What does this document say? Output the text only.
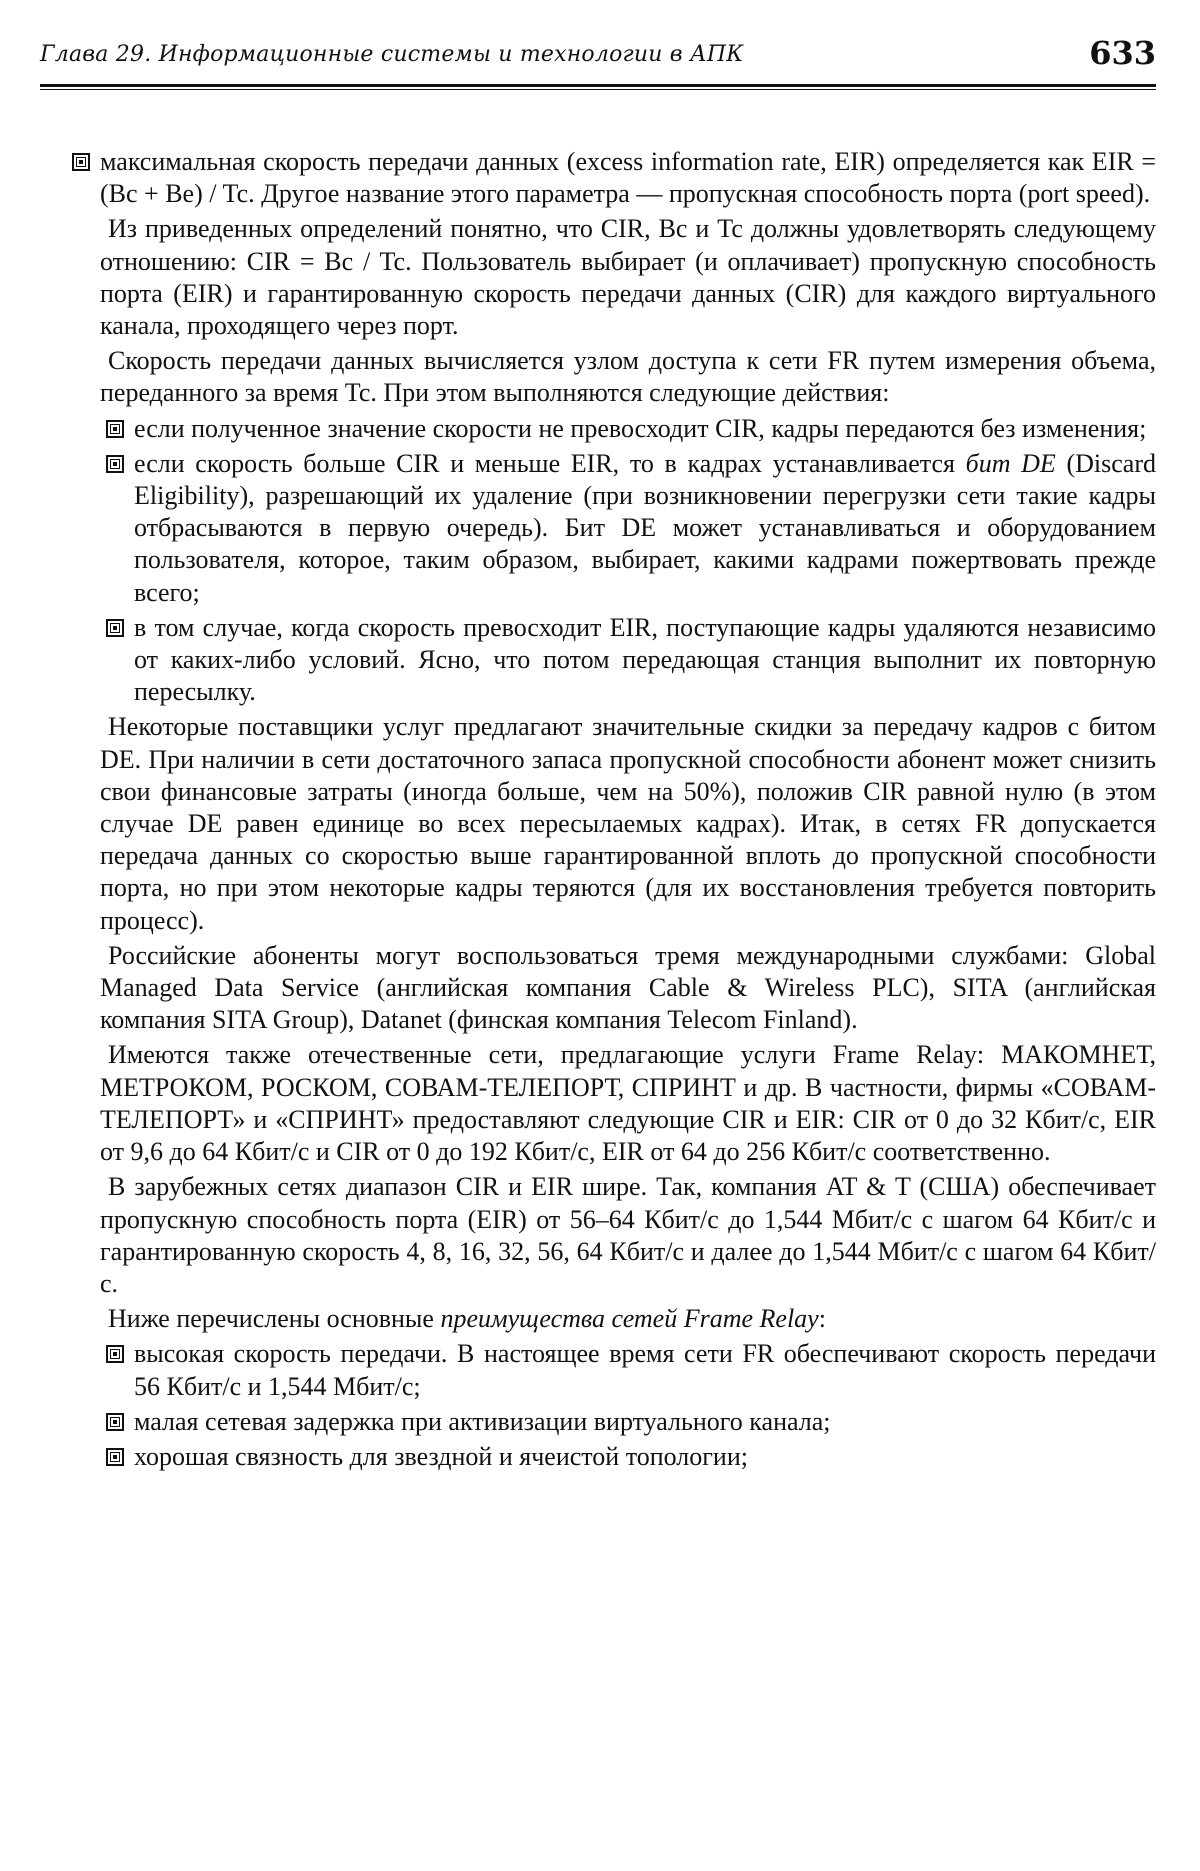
Глава 29. Информационные системы и технологии в АПК	633
максимальная скорость передачи данных (excess information rate, EIR) определяется как EIR = (Bc + Be) / Tc. Другое название этого параметра — пропускная способность порта (port speed).

Из приведенных определений понятно, что CIR, Bc и Tc должны удовлетворять следующему отношению: CIR = Bc / Tc. Пользователь выбирает (и оплачивает) пропускную способность порта (EIR) и гарантированную скорость передачи данных (CIR) для каждого виртуального канала, проходящего через порт.

Скорость передачи данных вычисляется узлом доступа к сети FR путем измерения объема, переданного за время Tc. При этом выполняются следующие действия:

если полученное значение скорости не превосходит CIR, кадры передаются без изменения;
если скорость больше CIR и меньше EIR, то в кадрах устанавливается бит DE (Discard Eligibility), разрешающий их удаление (при возникновении перегрузки сети такие кадры отбрасываются в первую очередь). Бит DE может устанавливаться и оборудованием пользователя, которое, таким образом, выбирает, какими кадрами пожертвовать прежде всего;
в том случае, когда скорость превосходит EIR, поступающие кадры удаляются независимо от каких-либо условий. Ясно, что потом передающая станция выполнит их повторную пересылку.

Некоторые поставщики услуг предлагают значительные скидки за передачу кадров с битом DE. При наличии в сети достаточного запаса пропускной способности абонент может снизить свои финансовые затраты (иногда больше, чем на 50%), положив CIR равной нулю (в этом случае DE равен единице во всех пересылаемых кадрах). Итак, в сетях FR допускается передача данных со скоростью выше гарантированной вплоть до пропускной способности порта, но при этом некоторые кадры теряются (для их восстановления требуется повторить процесс).

Российские абоненты могут воспользоваться тремя международными службами: Global Managed Data Service (английская компания Cable & Wireless PLC), SITA (английская компания SITA Group), Datanet (финская компания Telecom Finland).

Имеются также отечественные сети, предлагающие услуги Frame Relay: МАКОМНЕТ, МЕТРОКОМ, РОСКОМ, СОВАМ-ТЕЛЕПОРТ, СПРИНТ и др. В частности, фирмы «СОВАМ-ТЕЛЕПОРТ» и «СПРИНТ» предоставляют следующие CIR и EIR: CIR от 0 до 32 Кбит/с, EIR от 9,6 до 64 Кбит/с и CIR от 0 до 192 Кбит/с, EIR от 64 до 256 Кбит/с соответственно.

В зарубежных сетях диапазон CIR и EIR шире. Так, компания AT & T (США) обеспечивает пропускную способность порта (EIR) от 56–64 Кбит/с до 1,544 Мбит/с с шагом 64 Кбит/с и гарантированную скорость 4, 8, 16, 32, 56, 64 Кбит/с и далее до 1,544 Мбит/с с шагом 64 Кбит/с.

Ниже перечислены основные преимущества сетей Frame Relay:

высокая скорость передачи. В настоящее время сети FR обеспечивают скорость передачи 56 Кбит/с и 1,544 Мбит/с;
малая сетевая задержка при активизации виртуального канала;
хорошая связность для звездной и ячеистой топологии;
